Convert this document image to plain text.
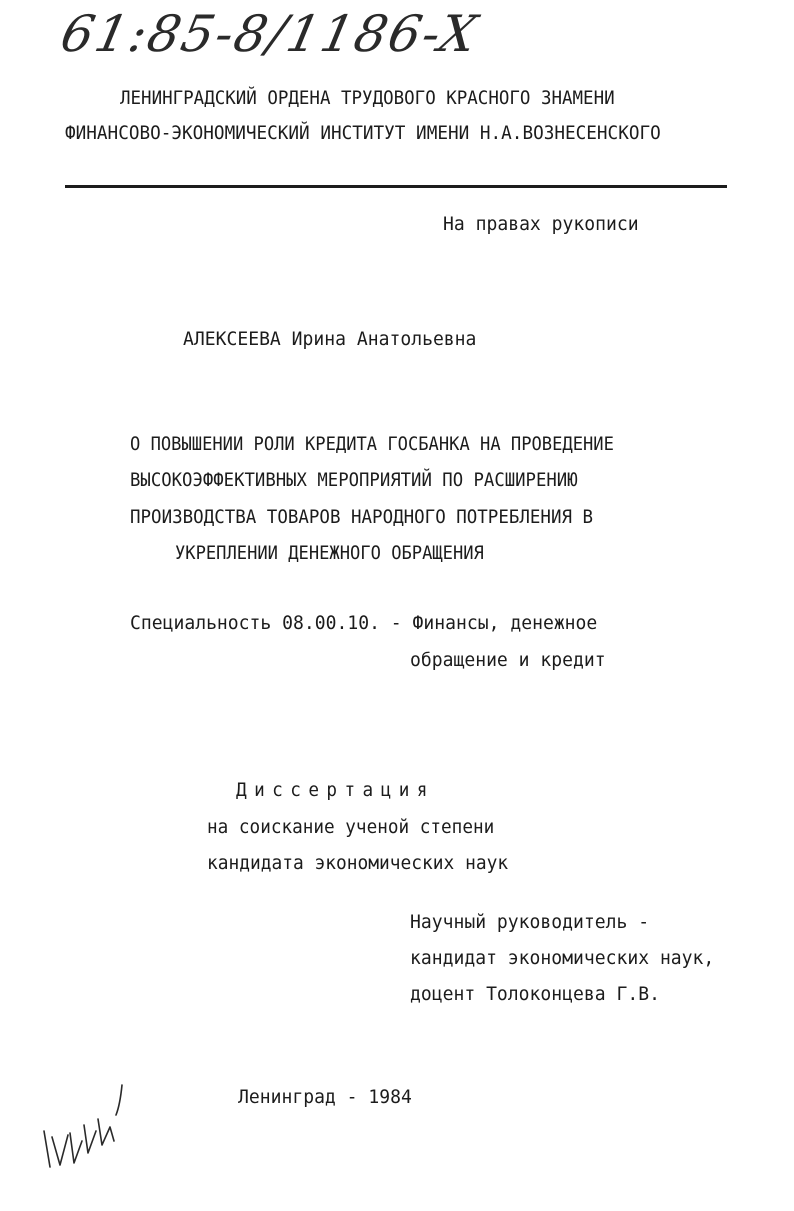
61:85-8/1186-X
ЛЕНИНГРАДСКИЙ ОРДЕНА ТРУДОВОГО КРАСНОГО ЗНАМЕНИ
ФИНАНСОВО-ЭКОНОМИЧЕСКИЙ ИНСТИТУТ ИМЕНИ Н.А.ВОЗНЕСЕНСКОГО
На правах рукописи
АЛЕКСЕЕВА Ирина Анатольевна
О ПОВЫШЕНИИ РОЛИ КРЕДИТА ГОСБАНКА НА ПРОВЕДЕНИЕ
ВЫСОКОЭФФЕКТИВНЫХ МЕРОПРИЯТИЙ ПО РАСШИРЕНИЮ
ПРОИЗВОДСТВА ТОВАРОВ НАРОДНОГО ПОТРЕБЛЕНИЯ В
УКРЕПЛЕНИИ ДЕНЕЖНОГО ОБРАЩЕНИЯ
Специальность 08.00.10. - Финансы, денежное
обращение и кредит
Диссертация
на соискание ученой степени
кандидата экономических наук
Научный руководитель -
кандидат экономических наук,
доцент Толоконцева Г.В.
Ленинград - 1984
